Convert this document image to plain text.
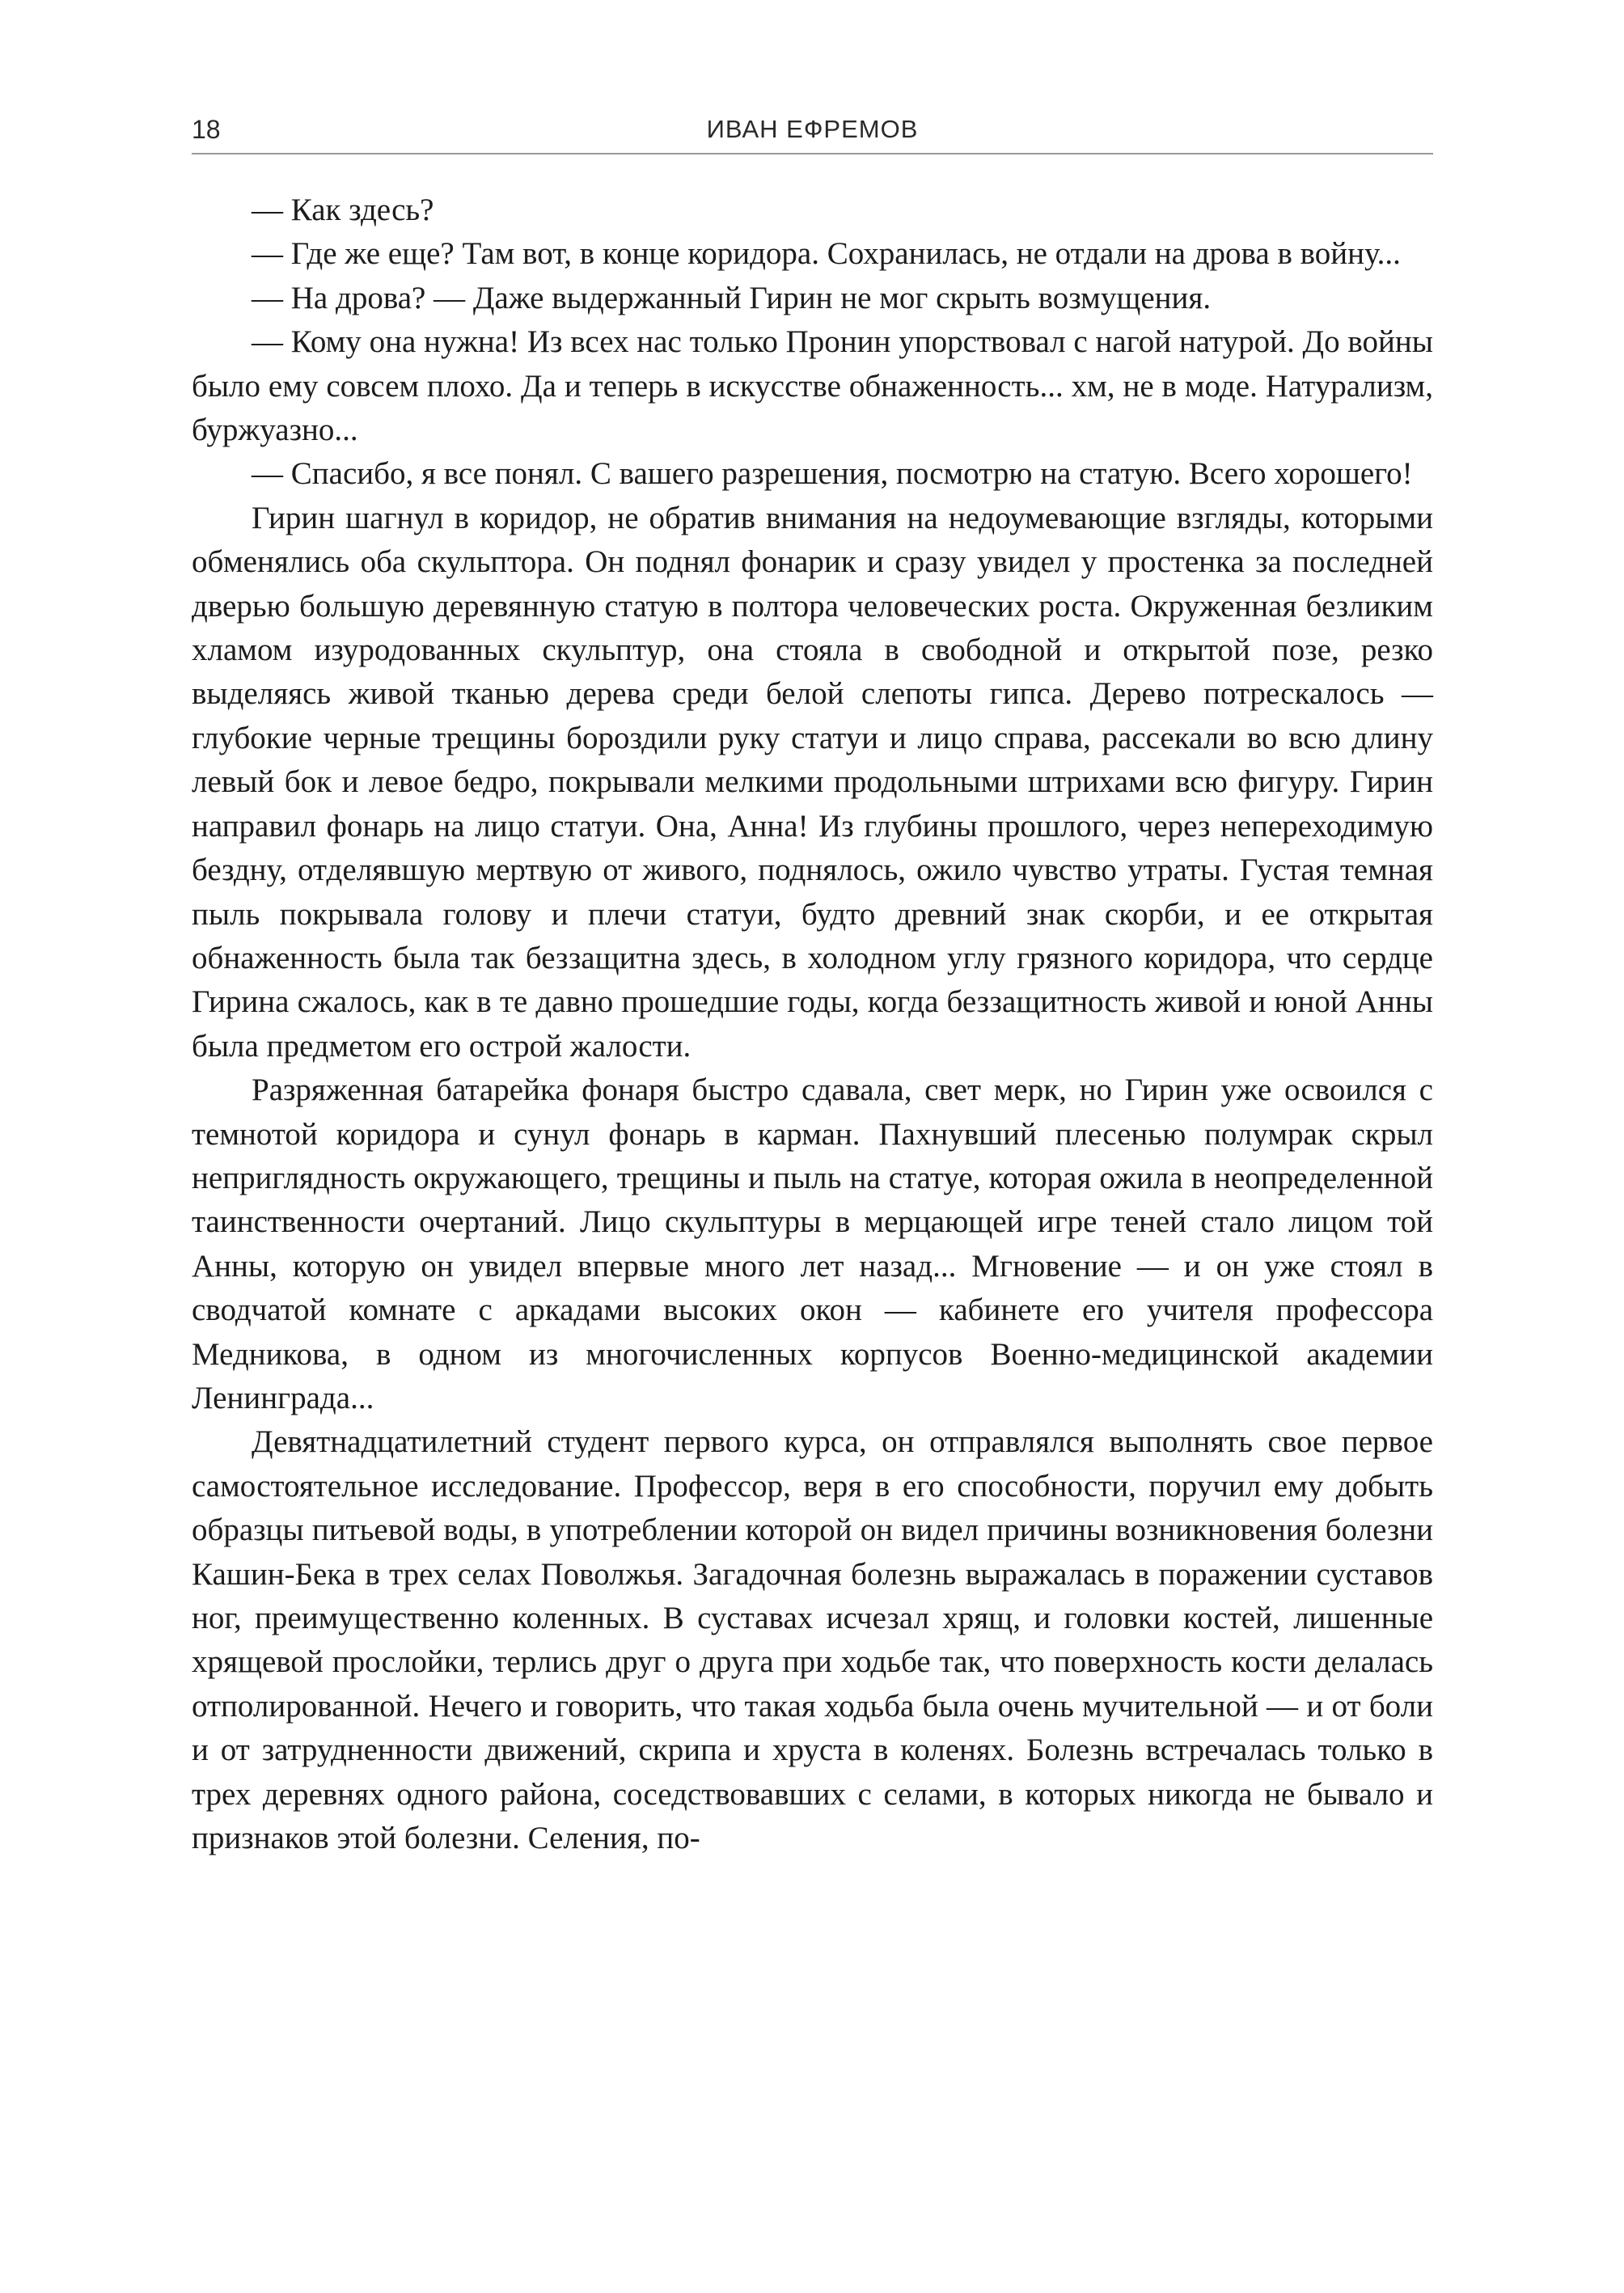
18	ИВАН ЕФРЕМОВ

— Как здесь?

— Где же еще? Там вот, в конце коридора. Сохранилась, не отдали на дрова в войну...

— На дрова? — Даже выдержанный Гирин не мог скрыть возмущения.

— Кому она нужна! Из всех нас только Пронин упорствовал с нагой натурой. До войны было ему совсем плохо. Да и теперь в искусстве обнаженность... хм, не в моде. Натурализм, буржуазно...

— Спасибо, я все понял. С вашего разрешения, посмотрю на статую. Всего хорошего!

Гирин шагнул в коридор, не обратив внимания на недоумевающие взгляды, которыми обменялись оба скульптора. Он поднял фонарик и сразу увидел у простенка за последней дверью большую деревянную статую в полтора человеческих роста. Окруженная безликим хламом изуродованных скульптур, она стояла в свободной и открытой позе, резко выделяясь живой тканью дерева среди белой слепоты гипса. Дерево потрескалось — глубокие черные трещины бороздили руку статуи и лицо справа, рассекали во всю длину левый бок и левое бедро, покрывали мелкими продольными штрихами всю фигуру. Гирин направил фонарь на лицо статуи. Она, Анна! Из глубины прошлого, через непереходимую бездну, отделявшую мертвую от живого, поднялось, ожило чувство утраты. Густая темная пыль покрывала голову и плечи статуи, будто древний знак скорби, и ее открытая обнаженность была так беззащитна здесь, в холодном углу грязного коридора, что сердце Гирина сжалось, как в те давно прошедшие годы, когда беззащитность живой и юной Анны была предметом его острой жалости.

Разряженная батарейка фонаря быстро сдавала, свет мерк, но Гирин уже освоился с темнотой коридора и сунул фонарь в карман. Пахнувший плесенью полумрак скрыл неприглядность окружающего, трещины и пыль на статуе, которая ожила в неопределенной таинственности очертаний. Лицо скульптуры в мерцающей игре теней стало лицом той Анны, которую он увидел впервые много лет назад... Мгновение — и он уже стоял в сводчатой комнате с аркадами высоких окон — кабинете его учителя профессора Медникова, в одном из многочисленных корпусов Военно-медицинской академии Ленинграда...

Девятнадцатилетний студент первого курса, он отправлялся выполнять свое первое самостоятельное исследование. Профессор, веря в его способности, поручил ему добыть образцы питьевой воды, в употреблении которой он видел причины возникновения болезни Кашин-Бека в трех селах Поволжья. Загадочная болезнь выражалась в поражении суставов ног, преимущественно коленных. В суставах исчезал хрящ, и головки костей, лишенные хрящевой прослойки, терлись друг о друга при ходьбе так, что поверхность кости делалась отполированной. Нечего и говорить, что такая ходьба была очень мучительной — и от боли и от затрудненности движений, скрипа и хруста в коленях. Болезнь встречалась только в трех деревнях одного района, соседствовавших с селами, в которых никогда не бывало и признаков этой болезни. Селения, по-
